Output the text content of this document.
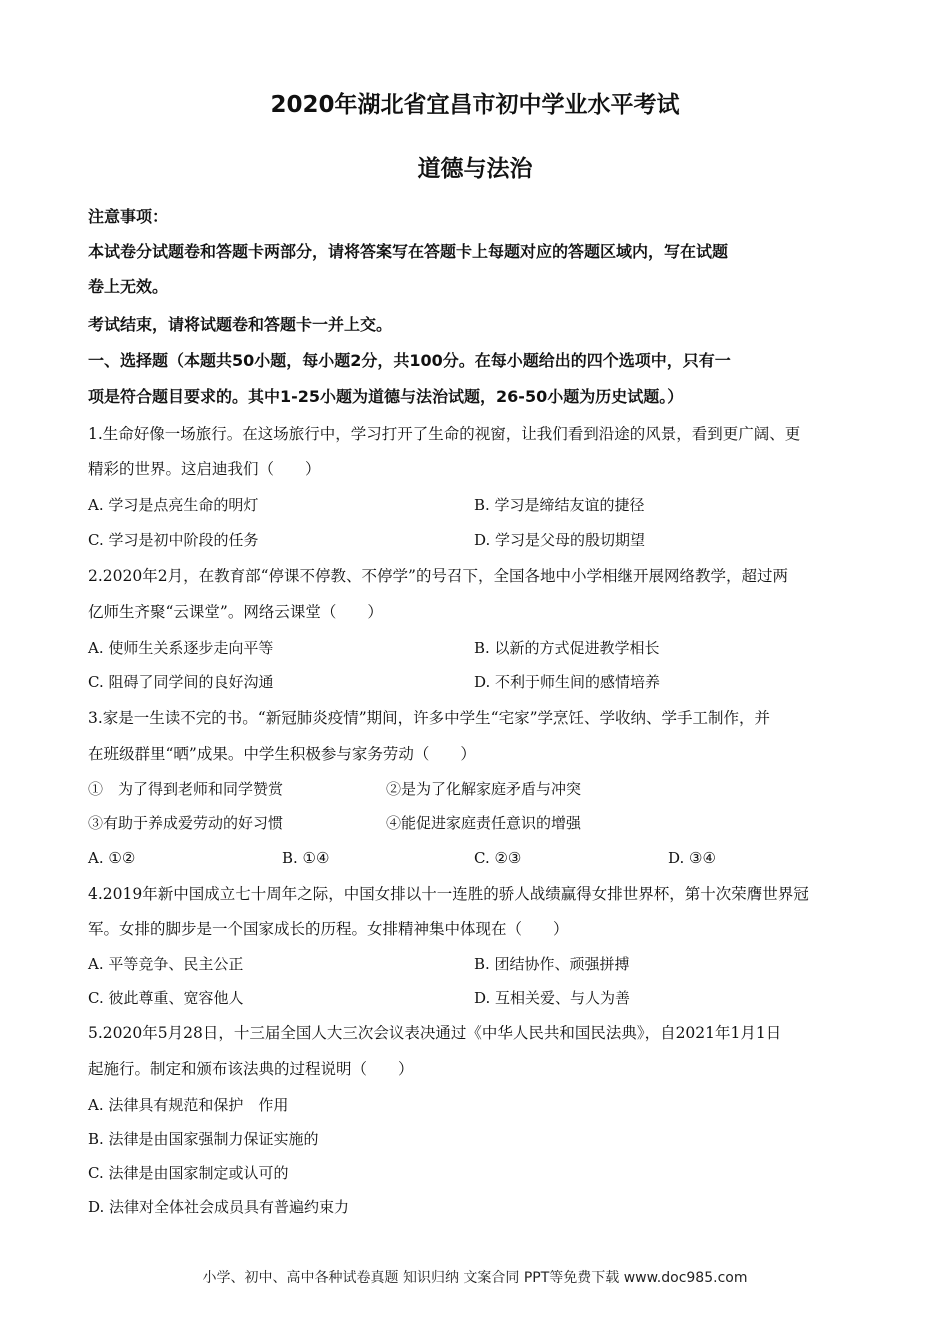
2020年湖北省宜昌市初中学业水平考试
道德与法治
注意事项：
本试卷分试题卷和答题卡两部分，请将答案写在答题卡上每题对应的答题区域内，写在试题
卷上无效。
考试结束，请将试题卷和答题卡一并上交。
一、选择题（本题共50小题，每小题2分，共100分。在每小题给出的四个选项中，只有一
项是符合题目要求的。其中1-25小题为道德与法治试题，26-50小题为历史试题。）
1.生命好像一场旅行。在这场旅行中，学习打开了生命的视窗，让我们看到沿途的风景，看到更广阔、更
精彩的世界。这启迪我们（　　）
A. 学习是点亮生命的明灯	B. 学习是缔结友谊的捷径
C. 学习是初中阶段的任务	D. 学习是父母的殷切期望
2.2020年2月，在教育部“停课不停教、不停学”的号召下，全国各地中小学相继开展网络教学，超过两
亿师生齐聚“云课堂”。网络云课堂（　　）
A. 使师生关系逐步走向平等	B. 以新的方式促进教学相长
C. 阻碍了同学间的良好沟通	D. 不利于师生间的感情培养
3.家是一生读不完的书。“新冠肺炎疫情”期间，许多中学生“宅家”学烹饪、学收纳、学手工制作，并
在班级群里“晒”成果。中学生积极参与家务劳动（　　）
①　为了得到老师和同学赞赏	②是为了化解家庭矛盾与冲突
③有助于养成爱劳动的好习惯	④能促进家庭责任意识的增强
A. ①②	B. ①④	C. ②③	D. ③④
4.2019年新中国成立七十周年之际，中国女排以十一连胜的骄人战绩赢得女排世界杯，第十次荣膺世界冠
军。女排的脚步是一个国家成长的历程。女排精神集中体现在（　　）
A. 平等竞争、民主公正	B. 团结协作、顽强拼搏
C. 彼此尊重、宽容他人	D. 互相关爱、与人为善
5.2020年5月28日，十三届全国人大三次会议表决通过《中华人民共和国民法典》，自2021年1月1日
起施行。制定和颁布该法典的过程说明（　　）
A. 法律具有规范和保护　作用
B. 法律是由国家强制力保证实施的
C. 法律是由国家制定或认可的
D. 法律对全体社会成员具有普遍约束力
小学、初中、高中各种试卷真题 知识归纳 文案合同 PPT等免费下载 www.doc985.com
